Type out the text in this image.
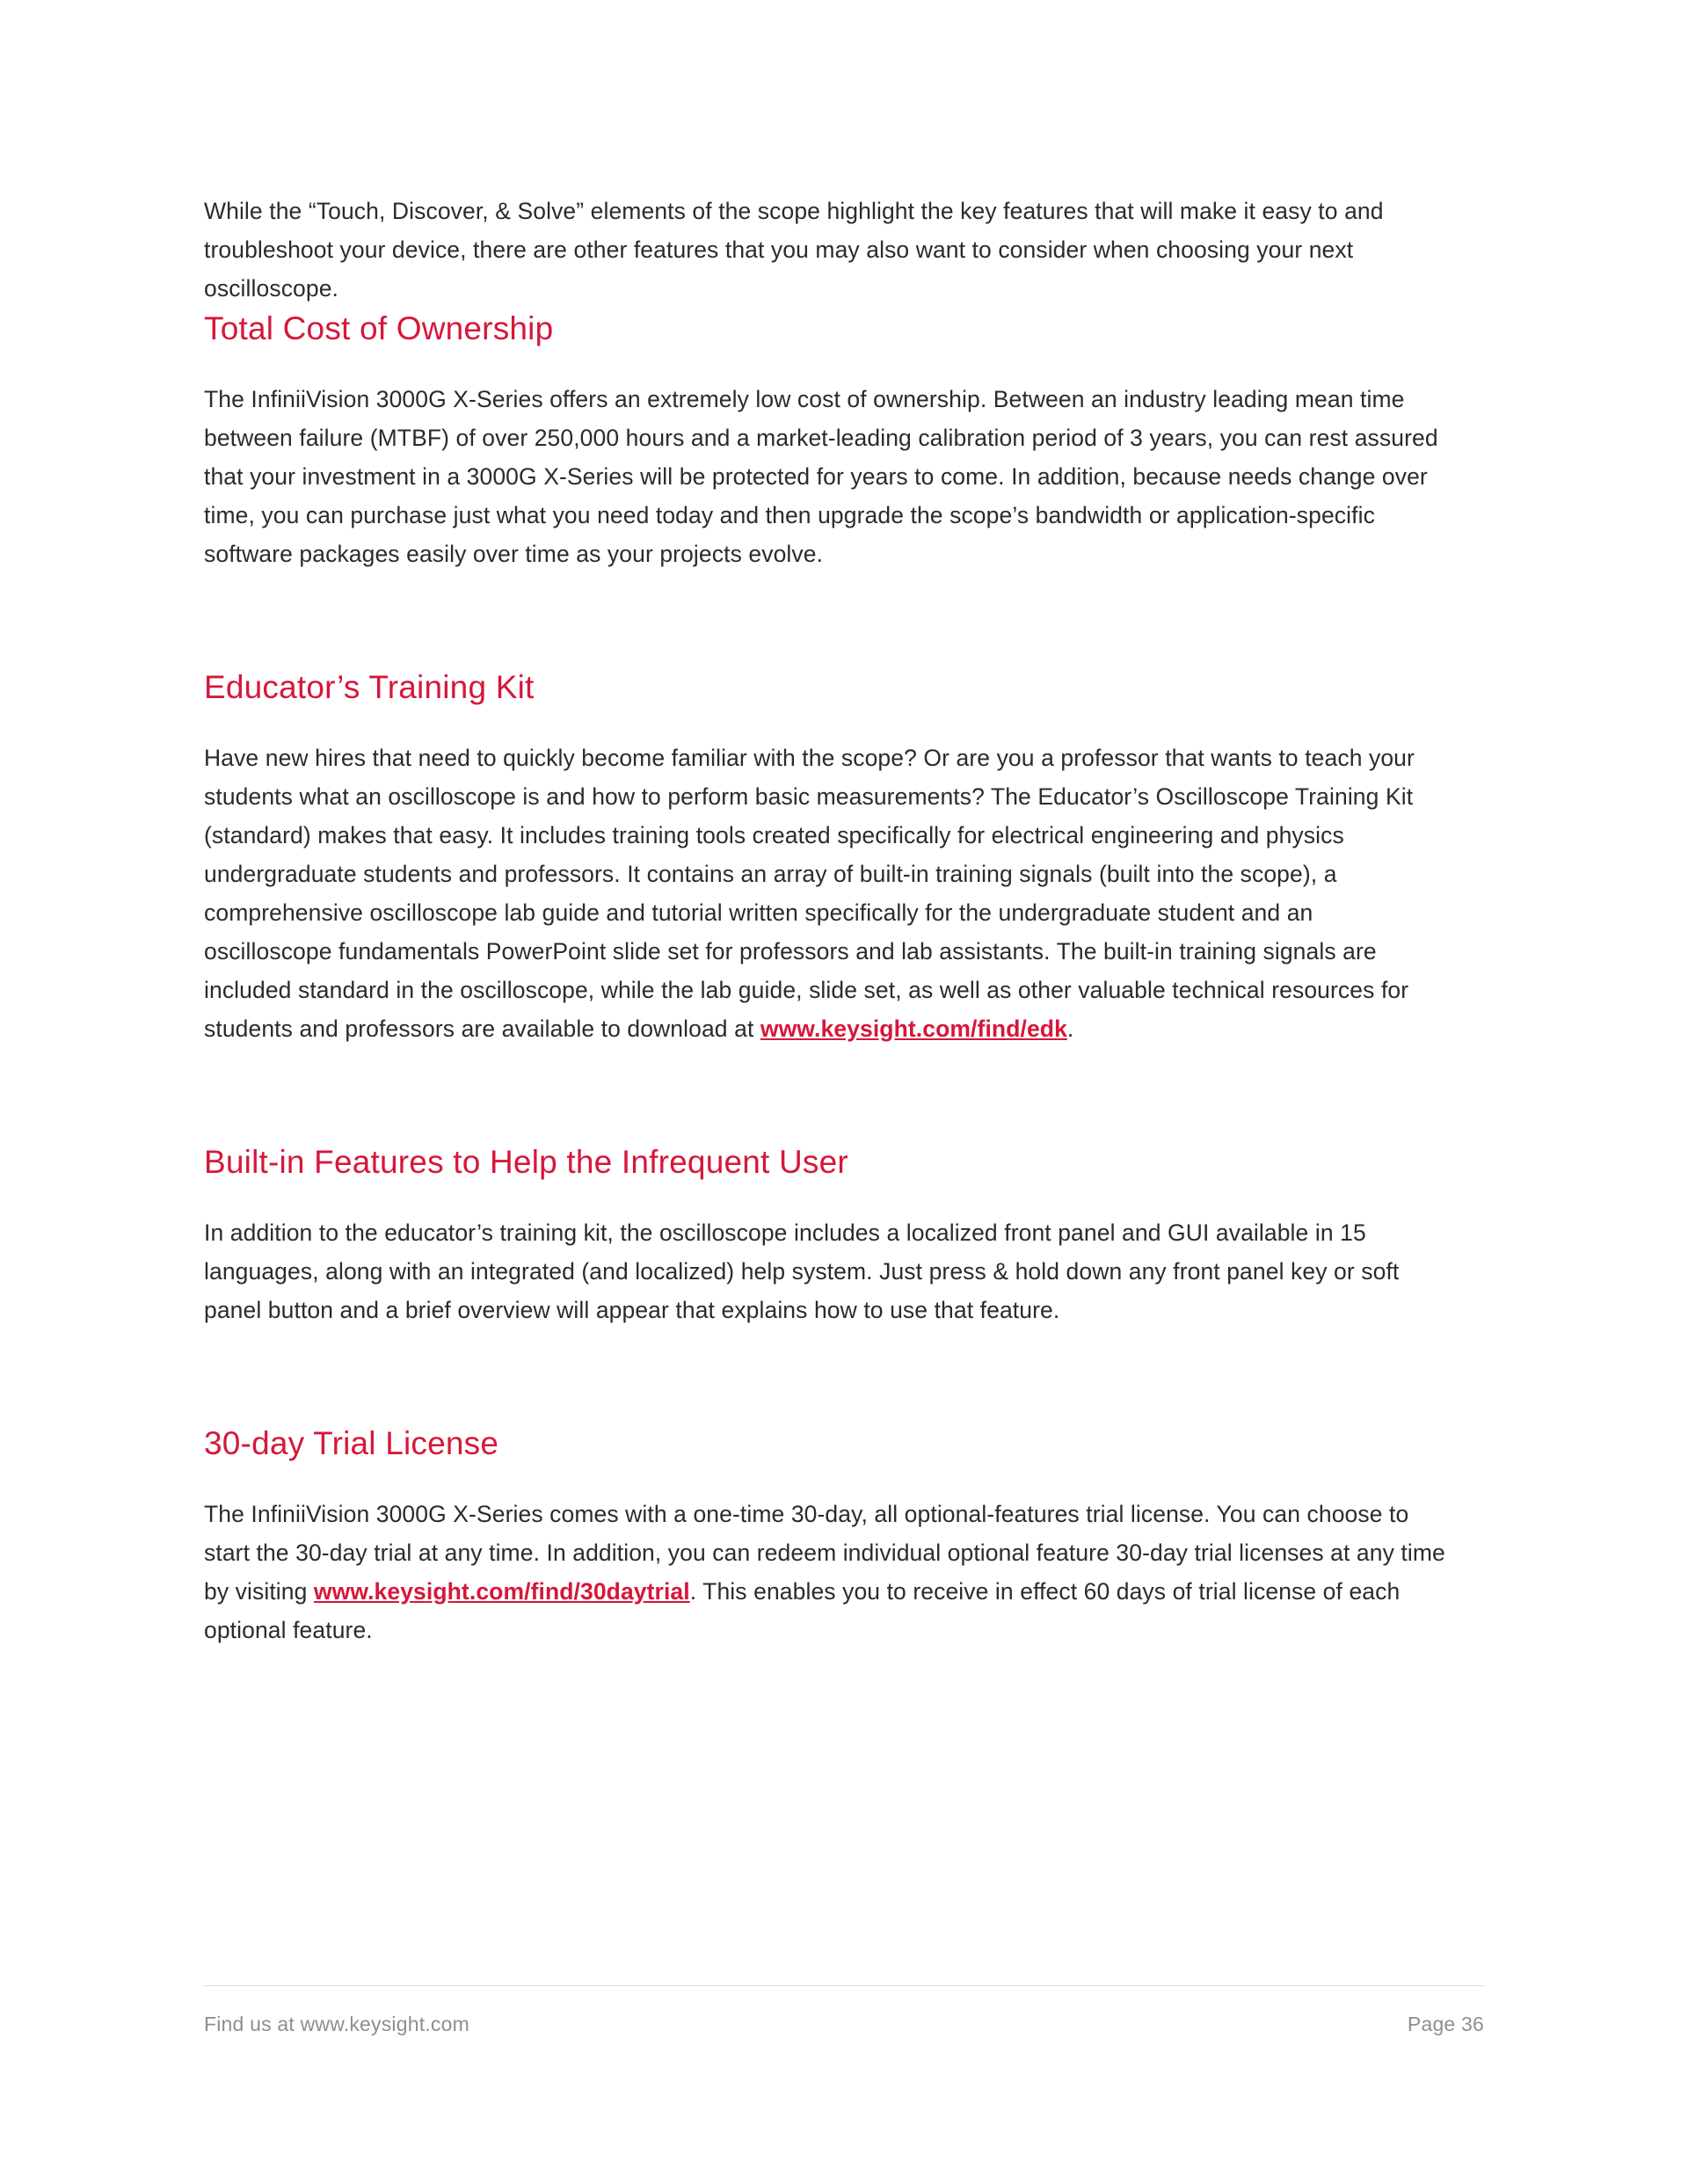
While the “Touch, Discover, & Solve” elements of the scope highlight the key features that will make it easy to and troubleshoot your device, there are other features that you may also want to consider when choosing your next oscilloscope.

Total Cost of Ownership

The InfiniiVision 3000G X-Series offers an extremely low cost of ownership. Between an industry leading mean time between failure (MTBF) of over 250,000 hours and a market-leading calibration period of 3 years, you can rest assured that your investment in a 3000G X-Series will be protected for years to come. In addition, because needs change over time, you can purchase just what you need today and then upgrade the scope’s bandwidth or application-specific software packages easily over time as your projects evolve.

Educator’s Training Kit

Have new hires that need to quickly become familiar with the scope? Or are you a professor that wants to teach your students what an oscilloscope is and how to perform basic measurements? The Educator’s Oscilloscope Training Kit (standard) makes that easy. It includes training tools created specifically for electrical engineering and physics undergraduate students and professors. It contains an array of built-in training signals (built into the scope), a comprehensive oscilloscope lab guide and tutorial written specifically for the undergraduate student and an oscilloscope fundamentals PowerPoint slide set for professors and lab assistants. The built-in training signals are included standard in the oscilloscope, while the lab guide, slide set, as well as other valuable technical resources for students and professors are available to download at www.keysight.com/find/edk.

Built-in Features to Help the Infrequent User

In addition to the educator’s training kit, the oscilloscope includes a localized front panel and GUI available in 15 languages, along with an integrated (and localized) help system. Just press & hold down any front panel key or soft panel button and a brief overview will appear that explains how to use that feature.

30-day Trial License

The InfiniiVision 3000G X-Series comes with a one-time 30-day, all optional-features trial license. You can choose to start the 30-day trial at any time. In addition, you can redeem individual optional feature 30-day trial licenses at any time by visiting www.keysight.com/find/30daytrial. This enables you to receive in effect 60 days of trial license of each optional feature.

Find us at www.keysight.com	Page 36
